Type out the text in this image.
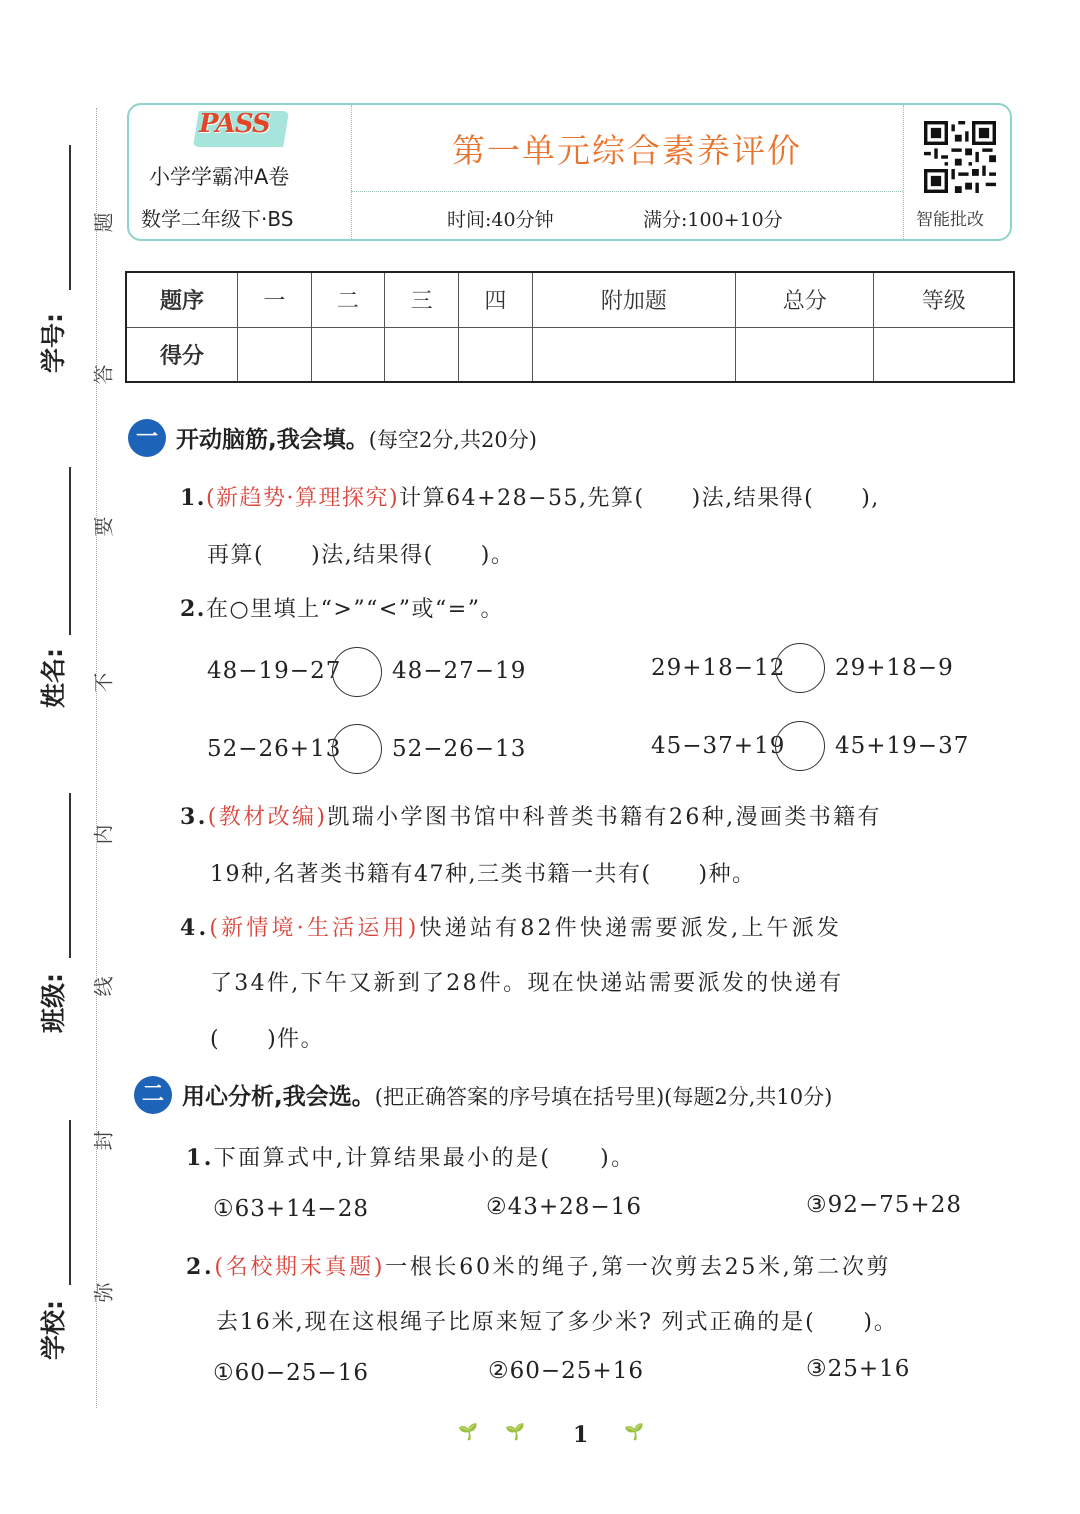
学号:
姓名:
班级:
学校:
题
答
要
不
内
线
封
弥
PASS
小学学霸冲A卷
数学二年级下·BS
第一单元综合素养评价
时间:40分钟	满分:100+10分	智能批改
题序	一	二	三	四	附加题	总分	等级
得分							
一 开动脑筋,我会填。(每空2分,共20分)
1.(新趋势·算理探究)计算64+28−55,先算(　　)法,结果得(　　),
再算(　　)法,结果得(　　)。
2.在○里填上“>”“<”或“=”。
48−19−27 48−27−19	29+18−12 29+18−9
52−26+13 52−26−13	45−37+19 45+19−37
3.(教材改编)凯瑞小学图书馆中科普类书籍有26种,漫画类书籍有
19种,名著类书籍有47种,三类书籍一共有(　　)种。
4.(新情境·生活运用)快递站有82件快递需要派发,上午派发
了34件,下午又新到了28件。现在快递站需要派发的快递有
(　　)件。
二 用心分析,我会选。(把正确答案的序号填在括号里)(每题2分,共10分)
1.下面算式中,计算结果最小的是(　　)。
①63+14−28	②43+28−16	③92−75+28
2.(名校期末真题)一根长60米的绳子,第一次剪去25米,第二次剪
去16米,现在这根绳子比原来短了多少米? 列式正确的是(　　)。
①60−25−16	②60−25+16	③25+16
🌱 🌱 1 🌱
